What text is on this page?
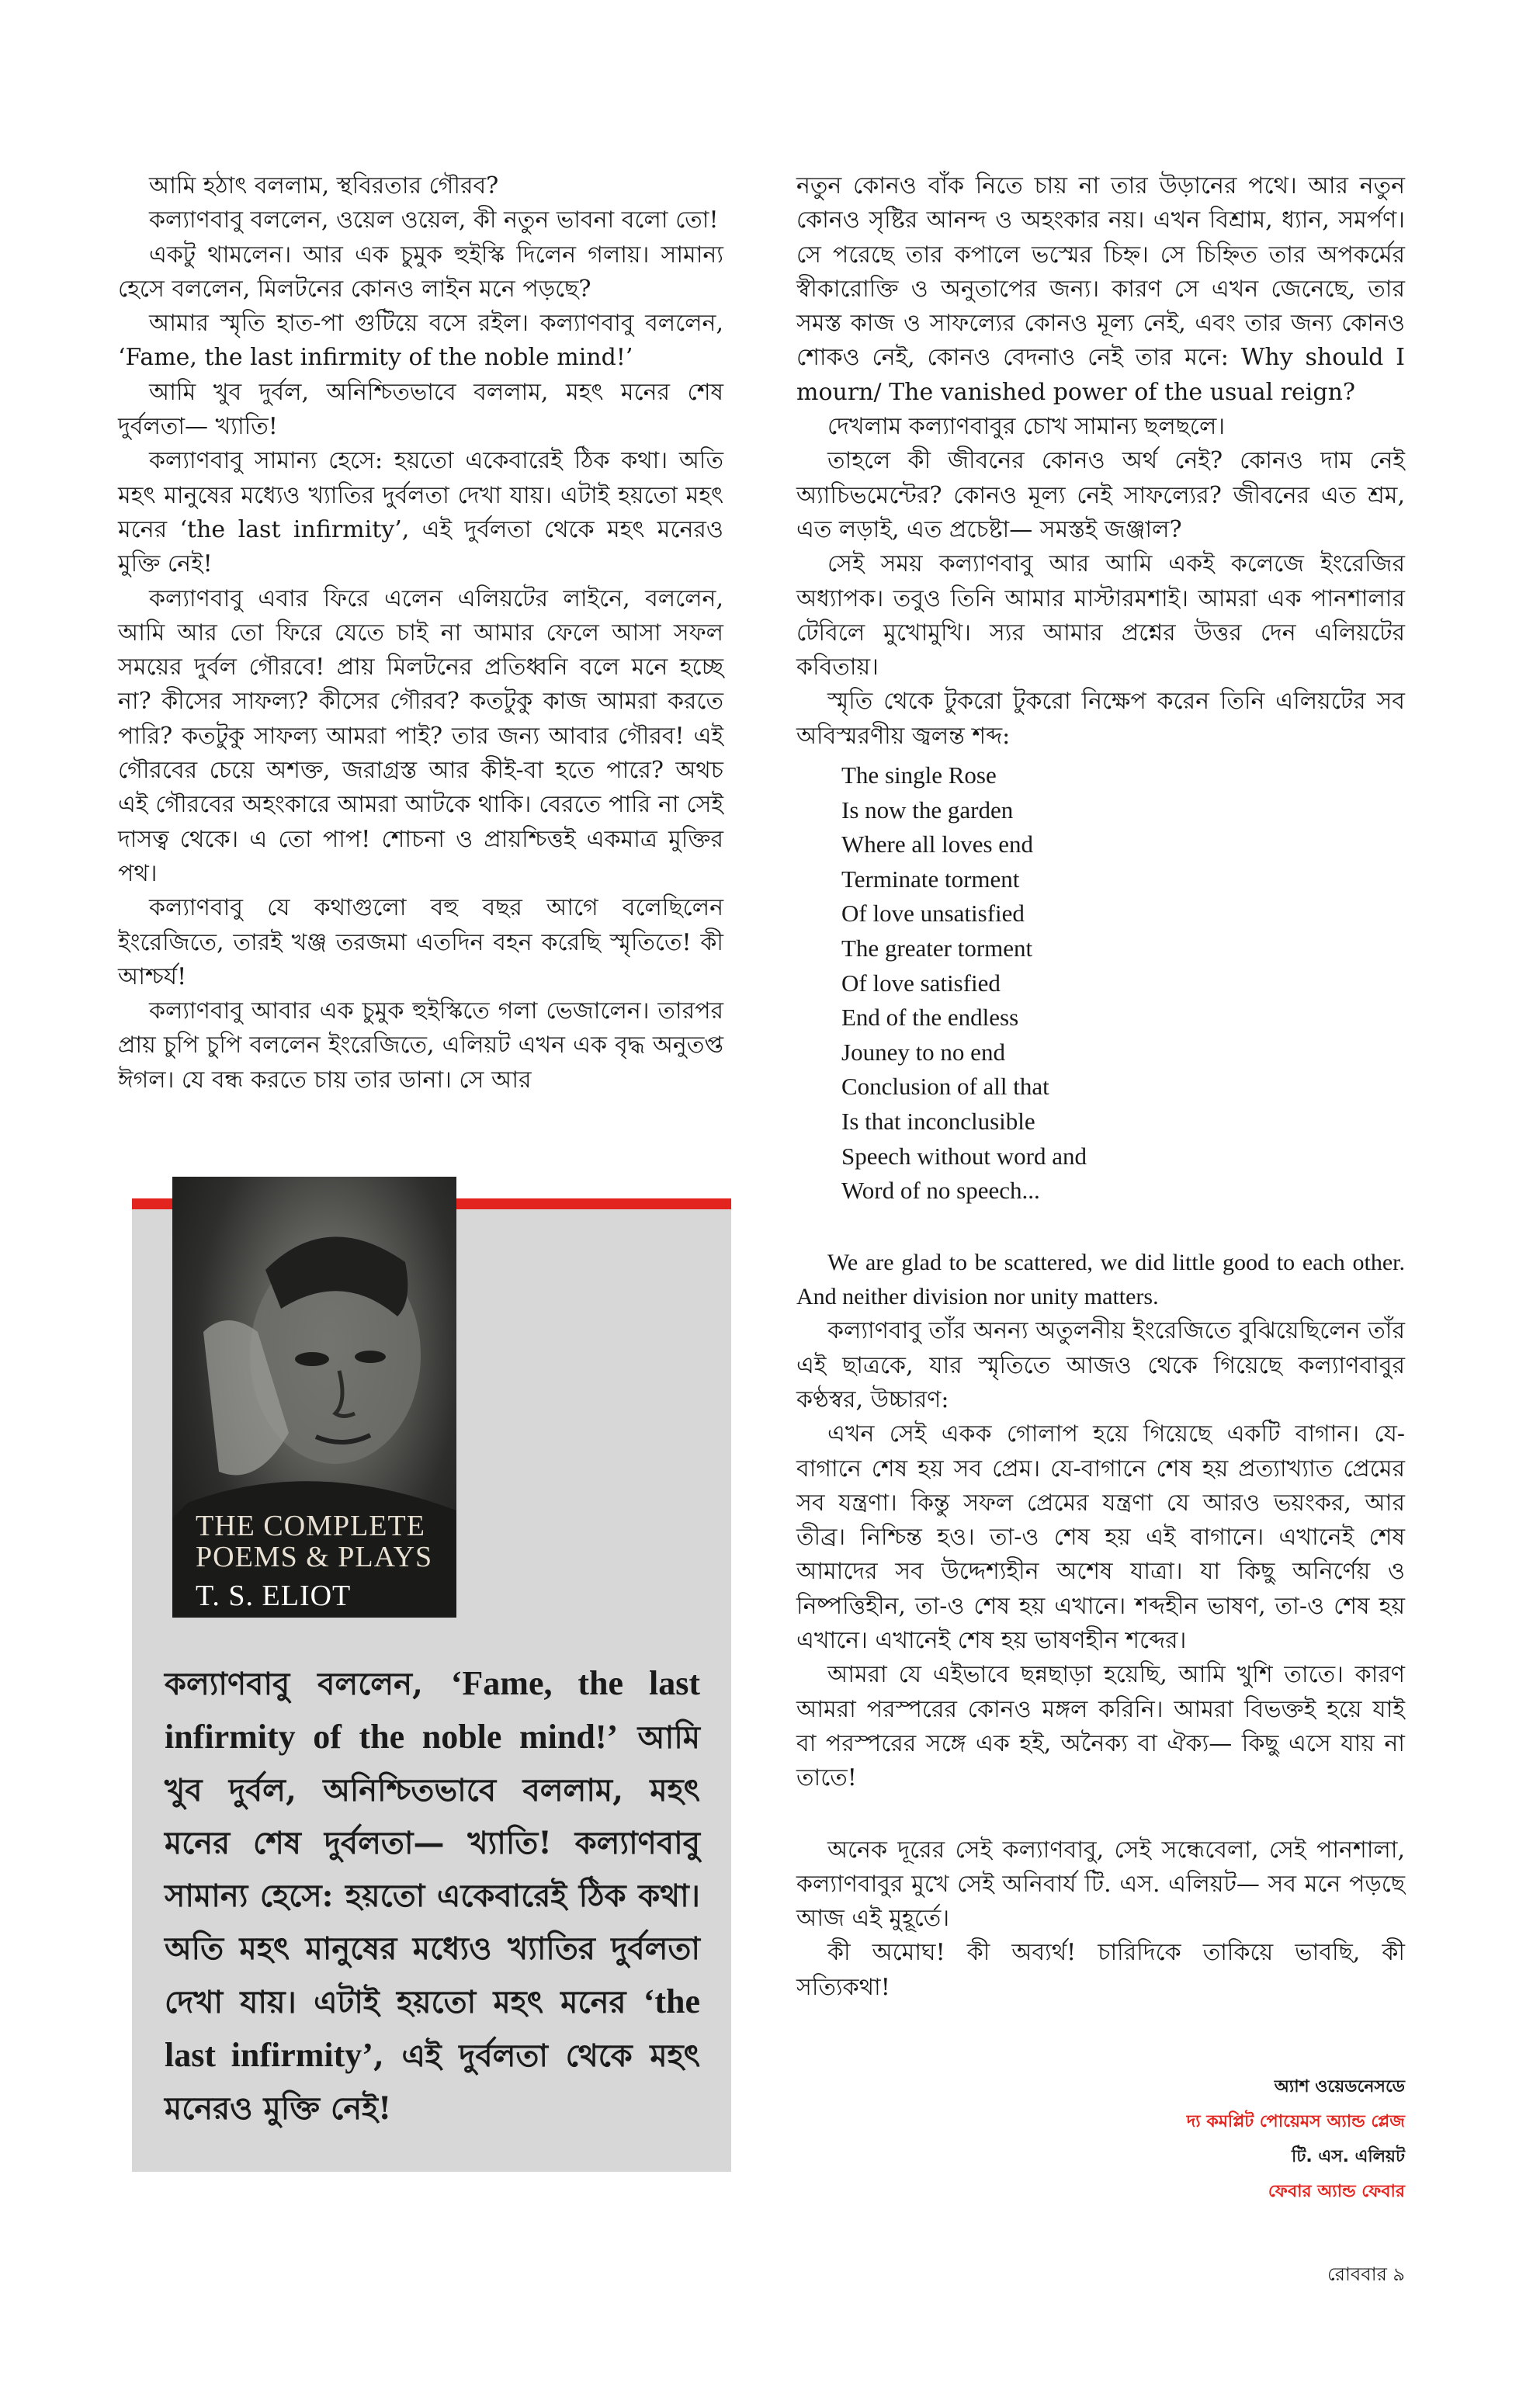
আমি হঠাৎ বললাম, স্থবিরতার গৌরব?

কল্যাণবাবু বললেন, ওয়েল ওয়েল, কী নতুন ভাবনা বলো তো!

একটু থামলেন। আর এক চুমুক হুইস্কি দিলেন গলায়। সামান্য হেসে বললেন, মিলটনের কোনও লাইন মনে পড়ছে?

আমার স্মৃতি হাত-পা গুটিয়ে বসে রইল। কল্যাণবাবু বললেন, ‘Fame, the last infirmity of the noble mind!’

আমি খুব দুর্বল, অনিশ্চিতভাবে বললাম, মহৎ মনের শেষ দুর্বলতা— খ্যাতি!

কল্যাণবাবু সামান্য হেসে: হয়তো একেবারেই ঠিক কথা। অতি মহৎ মানুষের মধ্যেও খ্যাতির দুর্বলতা দেখা যায়। এটাই হয়তো মহৎ মনের ‘the last infirmity’, এই দুর্বলতা থেকে মহৎ মনেরও মুক্তি নেই!

কল্যাণবাবু এবার ফিরে এলেন এলিয়টের লাইনে, বললেন, আমি আর তো ফিরে যেতে চাই না আমার ফেলে আসা সফল সময়ের দুর্বল গৌরবে! প্রায় মিলটনের প্রতিধ্বনি বলে মনে হচ্ছে না? কীসের সাফল্য? কীসের গৌরব? কতটুকু কাজ আমরা করতে পারি? কতটুকু সাফল্য আমরা পাই? তার জন্য আবার গৌরব! এই গৌরবের চেয়ে অশক্ত, জরাগ্রস্ত আর কীই-বা হতে পারে? অথচ এই গৌরবের অহংকারে আমরা আটকে থাকি। বেরতে পারি না সেই দাসত্ব থেকে। এ তো পাপ! শোচনা ও প্রায়শ্চিত্তই একমাত্র মুক্তির পথ।

কল্যাণবাবু যে কথাগুলো বহু বছর আগে বলেছিলেন ইংরেজিতে, তারই খঞ্জ তরজমা এতদিন বহন করেছি স্মৃতিতে! কী আশ্চর্য!

কল্যাণবাবু আবার এক চুমুক হুইস্কিতে গলা ভেজালেন। তারপর প্রায় চুপি চুপি বললেন ইংরেজিতে, এলিয়ট এখন এক বৃদ্ধ অনুতপ্ত ঈগল। যে বন্ধ করতে চায় তার ডানা। সে আর

THE COMPLETE
POEMS & PLAYS
T. S. ELIOT

কল্যাণবাবু বললেন, ‘Fame, the last infirmity of the noble mind!’ আমি খুব দুর্বল, অনিশ্চিতভাবে বললাম, মহৎ মনের শেষ দুর্বলতা— খ্যাতি! কল্যাণবাবু সামান্য হেসে: হয়তো একেবারেই ঠিক কথা। অতি মহৎ মানুষের মধ্যেও খ্যাতির দুর্বলতা দেখা যায়। এটাই হয়তো মহৎ মনের ‘the last infirmity’, এই দুর্বলতা থেকে মহৎ মনেরও মুক্তি নেই!

নতুন কোনও বাঁক নিতে চায় না তার উড়ানের পথে। আর নতুন কোনও সৃষ্টির আনন্দ ও অহংকার নয়। এখন বিশ্রাম, ধ্যান, সমর্পণ। সে পরেছে তার কপালে ভস্মের চিহ্ন। সে চিহ্নিত তার অপকর্মের স্বীকারোক্তি ও অনুতাপের জন্য। কারণ সে এখন জেনেছে, তার সমস্ত কাজ ও সাফল্যের কোনও মূল্য নেই, এবং তার জন্য কোনও শোকও নেই, কোনও বেদনাও নেই তার মনে: Why should I mourn/ The vanished power of the usual reign?

দেখলাম কল্যাণবাবুর চোখ সামান্য ছলছলে।

তাহলে কী জীবনের কোনও অর্থ নেই? কোনও দাম নেই অ্যাচিভমেন্টের? কোনও মূল্য নেই সাফল্যের? জীবনের এত শ্রম, এত লড়াই, এত প্রচেষ্টা— সমস্তই জঞ্জাল?

সেই সময় কল্যাণবাবু আর আমি একই কলেজে ইংরেজির অধ্যাপক। তবুও তিনি আমার মাস্টারমশাই। আমরা এক পানশালার টেবিলে মুখোমুখি। স্যর আমার প্রশ্নের উত্তর দেন এলিয়টের কবিতায়।

স্মৃতি থেকে টুকরো টুকরো নিক্ষেপ করেন তিনি এলিয়টের সব অবিস্মরণীয় জ্বলন্ত শব্দ:

The single Rose
Is now the garden
Where all loves end
Terminate torment
Of love unsatisfied
The greater torment
Of love satisfied
End of the endless
Jouney to no end
Conclusion of all that
Is that inconclusible
Speech without word and
Word of no speech...

We are glad to be scattered, we did little good to each other. And neither division nor unity matters.

কল্যাণবাবু তাঁর অনন্য অতুলনীয় ইংরেজিতে বুঝিয়েছিলেন তাঁর এই ছাত্রকে, যার স্মৃতিতে আজও থেকে গিয়েছে কল্যাণবাবুর কণ্ঠস্বর, উচ্চারণ:

এখন সেই একক গোলাপ হয়ে গিয়েছে একটি বাগান। যে-বাগানে শেষ হয় সব প্রেম। যে-বাগানে শেষ হয় প্রত্যাখ্যাত প্রেমের সব যন্ত্রণা। কিন্তু সফল প্রেমের যন্ত্রণা যে আরও ভয়ংকর, আর তীব্র। নিশ্চিন্ত হও। তা-ও শেষ হয় এই বাগানে। এখানেই শেষ আমাদের সব উদ্দেশ্যহীন অশেষ যাত্রা। যা কিছু অনির্ণেয় ও নিষ্পত্তিহীন, তা-ও শেষ হয় এখানে। শব্দহীন ভাষণ, তা-ও শেষ হয় এখানে। এখানেই শেষ হয় ভাষণহীন শব্দের।

আমরা যে এইভাবে ছন্নছাড়া হয়েছি, আমি খুশি তাতে। কারণ আমরা পরস্পরের কোনও মঙ্গল করিনি। আমরা বিভক্তই হয়ে যাই বা পরস্পরের সঙ্গে এক হই, অনৈক্য বা ঐক্য— কিছু এসে যায় না তাতে!

অনেক দূরের সেই কল্যাণবাবু, সেই সন্ধেবেলা, সেই পানশালা, কল্যাণবাবুর মুখে সেই অনিবার্য টি. এস. এলিয়ট— সব মনে পড়ছে আজ এই মুহূর্তে।

কী অমোঘ! কী অব্যর্থ! চারিদিকে তাকিয়ে ভাবছি, কী সত্যিকথা!

অ্যাশ ওয়েডনেসডে
দ্য কমপ্লিট পোয়েমস অ্যান্ড প্লেজ
টি. এস. এলিয়ট
ফেবার অ্যান্ড ফেবার
রোববার ৯
